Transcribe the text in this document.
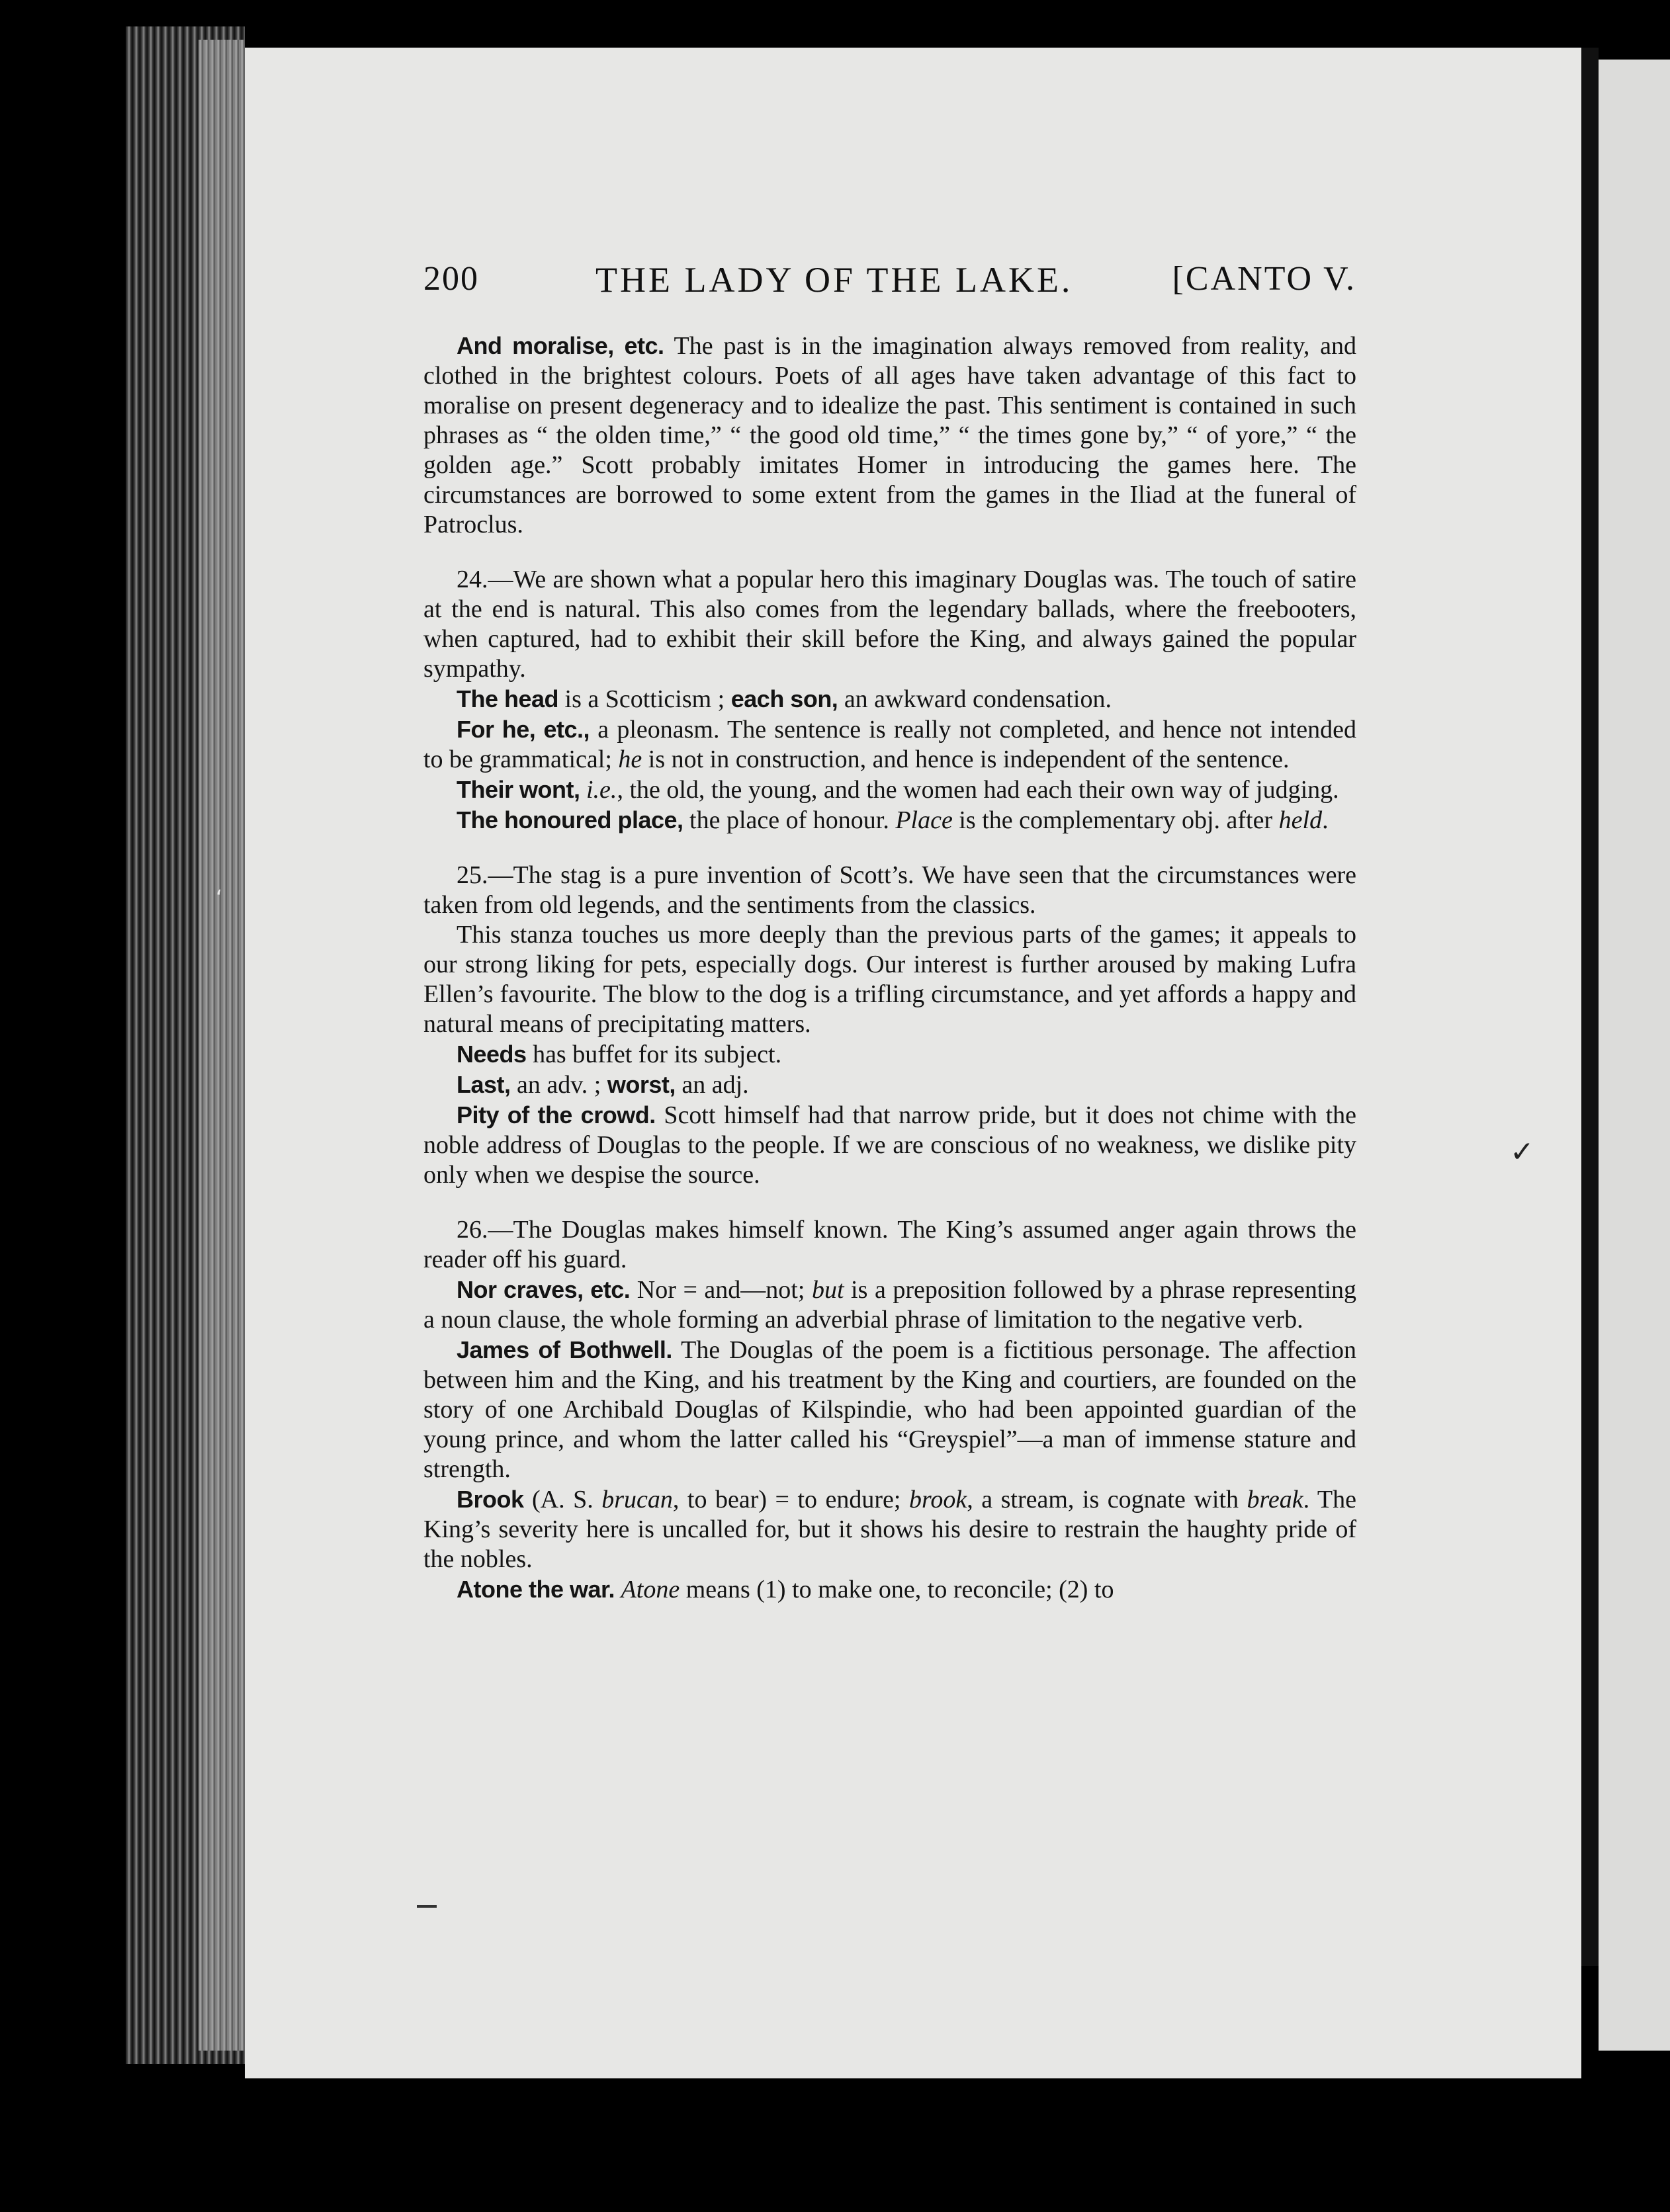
200	THE LADY OF THE LAKE.	[CANTO V.

And moralise, etc. The past is in the imagination always removed from reality, and clothed in the brightest colours. Poets of all ages have taken advantage of this fact to moralise on present degeneracy and to idealize the past. This sentiment is contained in such phrases as “ the olden time,” “ the good old time,” “ the times gone by,” “ of yore,” “ the golden age.” Scott probably imitates Homer in introducing the games here. The circumstances are borrowed to some extent from the games in the Iliad at the funeral of Patroclus.

24.—We are shown what a popular hero this imaginary Douglas was. The touch of satire at the end is natural. This also comes from the legendary ballads, where the freebooters, when captured, had to exhibit their skill before the King, and always gained the popular sympathy.

The head is a Scotticism ; each son, an awkward condensation.

For he, etc., a pleonasm. The sentence is really not completed, and hence not intended to be grammatical; he is not in construction, and hence is independent of the sentence.

Their wont, i.e., the old, the young, and the women had each their own way of judging.

The honoured place, the place of honour. Place is the complementary obj. after held.

25.—The stag is a pure invention of Scott’s. We have seen that the circumstances were taken from old legends, and the sentiments from the classics.

This stanza touches us more deeply than the previous parts of the games; it appeals to our strong liking for pets, especially dogs. Our interest is further aroused by making Lufra Ellen’s favourite. The blow to the dog is a trifling circumstance, and yet affords a happy and natural means of precipitating matters.

Needs has buffet for its subject.

Last, an adv. ; worst, an adj.

Pity of the crowd. Scott himself had that narrow pride, but it does not chime with the noble address of Douglas to the people. If we are conscious of no weakness, we dislike pity only when we despise the source.

26.—The Douglas makes himself known. The King’s assumed anger again throws the reader off his guard.

Nor craves, etc. Nor = and—not; but is a preposition followed by a phrase representing a noun clause, the whole forming an adverbial phrase of limitation to the negative verb.

James of Bothwell. The Douglas of the poem is a fictitious personage. The affection between him and the King, and his treatment by the King and courtiers, are founded on the story of one Archibald Douglas of Kilspindie, who had been appointed guardian of the young prince, and whom the latter called his “Greyspiel”—a man of immense stature and strength.

Brook (A. S. brucan, to bear) = to endure; brook, a stream, is cognate with break. The King’s severity here is uncalled for, but it shows his desire to restrain the haughty pride of the nobles.

Atone the war. Atone means (1) to make one, to reconcile; (2) to

✓
‘
